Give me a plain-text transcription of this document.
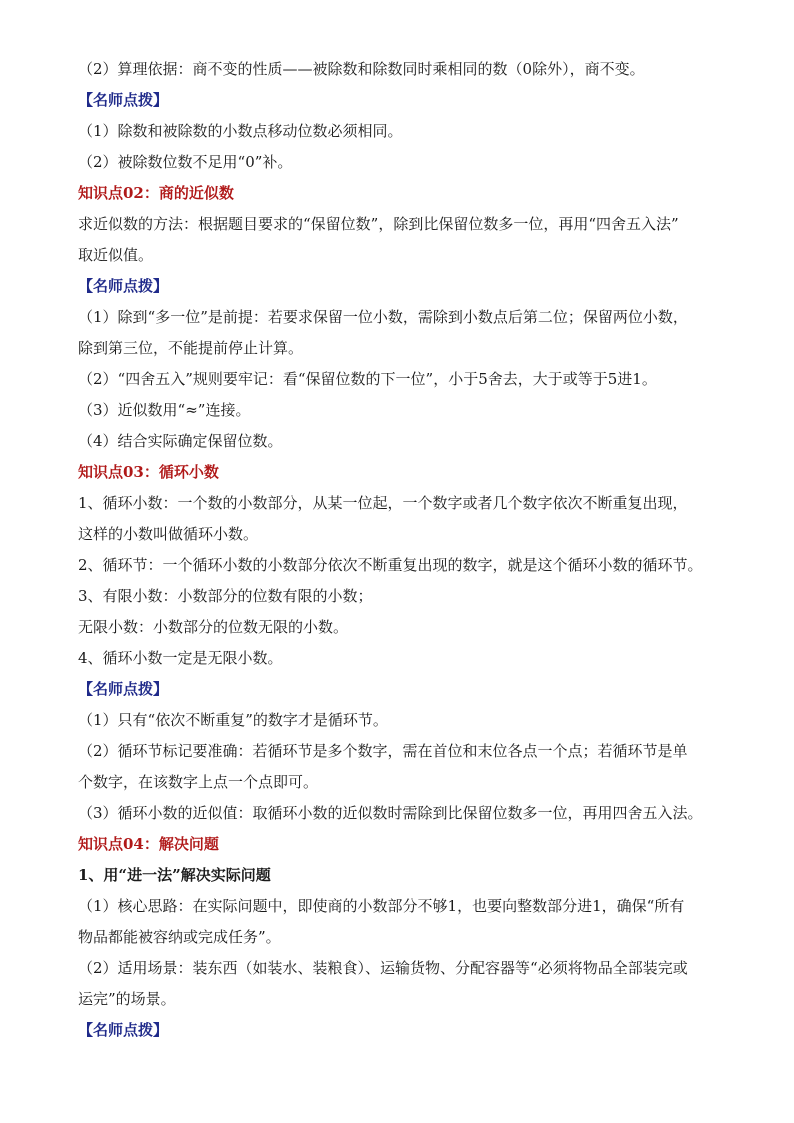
（2）算理依据：商不变的性质——被除数和除数同时乘相同的数（0除外），商不变。
【名师点拨】
（1）除数和被除数的小数点移动位数必须相同。
（2）被除数位数不足用“0”补。
知识点02：商的近似数
求近似数的方法：根据题目要求的“保留位数”，除到比保留位数多一位，再用“四舍五入法”
取近似值。
【名师点拨】
（1）除到“多一位”是前提：若要求保留一位小数，需除到小数点后第二位；保留两位小数，
除到第三位，不能提前停止计算。
（2）“四舍五入”规则要牢记：看“保留位数的下一位”，小于5舍去，大于或等于5进1。
（3）近似数用“≈”连接。
（4）结合实际确定保留位数。
知识点03：循环小数
1、循环小数：一个数的小数部分，从某一位起，一个数字或者几个数字依次不断重复出现，
这样的小数叫做循环小数。
2、循环节：一个循环小数的小数部分依次不断重复出现的数字，就是这个循环小数的循环节。
3、有限小数：小数部分的位数有限的小数；
无限小数：小数部分的位数无限的小数。
4、循环小数一定是无限小数。
【名师点拨】
（1）只有“依次不断重复”的数字才是循环节。
（2）循环节标记要准确：若循环节是多个数字，需在首位和末位各点一个点；若循环节是单
个数字，在该数字上点一个点即可。
（3）循环小数的近似值：取循环小数的近似数时需除到比保留位数多一位，再用四舍五入法。
知识点04：解决问题
1、用“进一法”解决实际问题
（1）核心思路：在实际问题中，即使商的小数部分不够1，也要向整数部分进1，确保“所有
物品都能被容纳或完成任务”。
（2）适用场景：装东西（如装水、装粮食）、运输货物、分配容器等“必须将物品全部装完或
运完”的场景。
【名师点拨】
